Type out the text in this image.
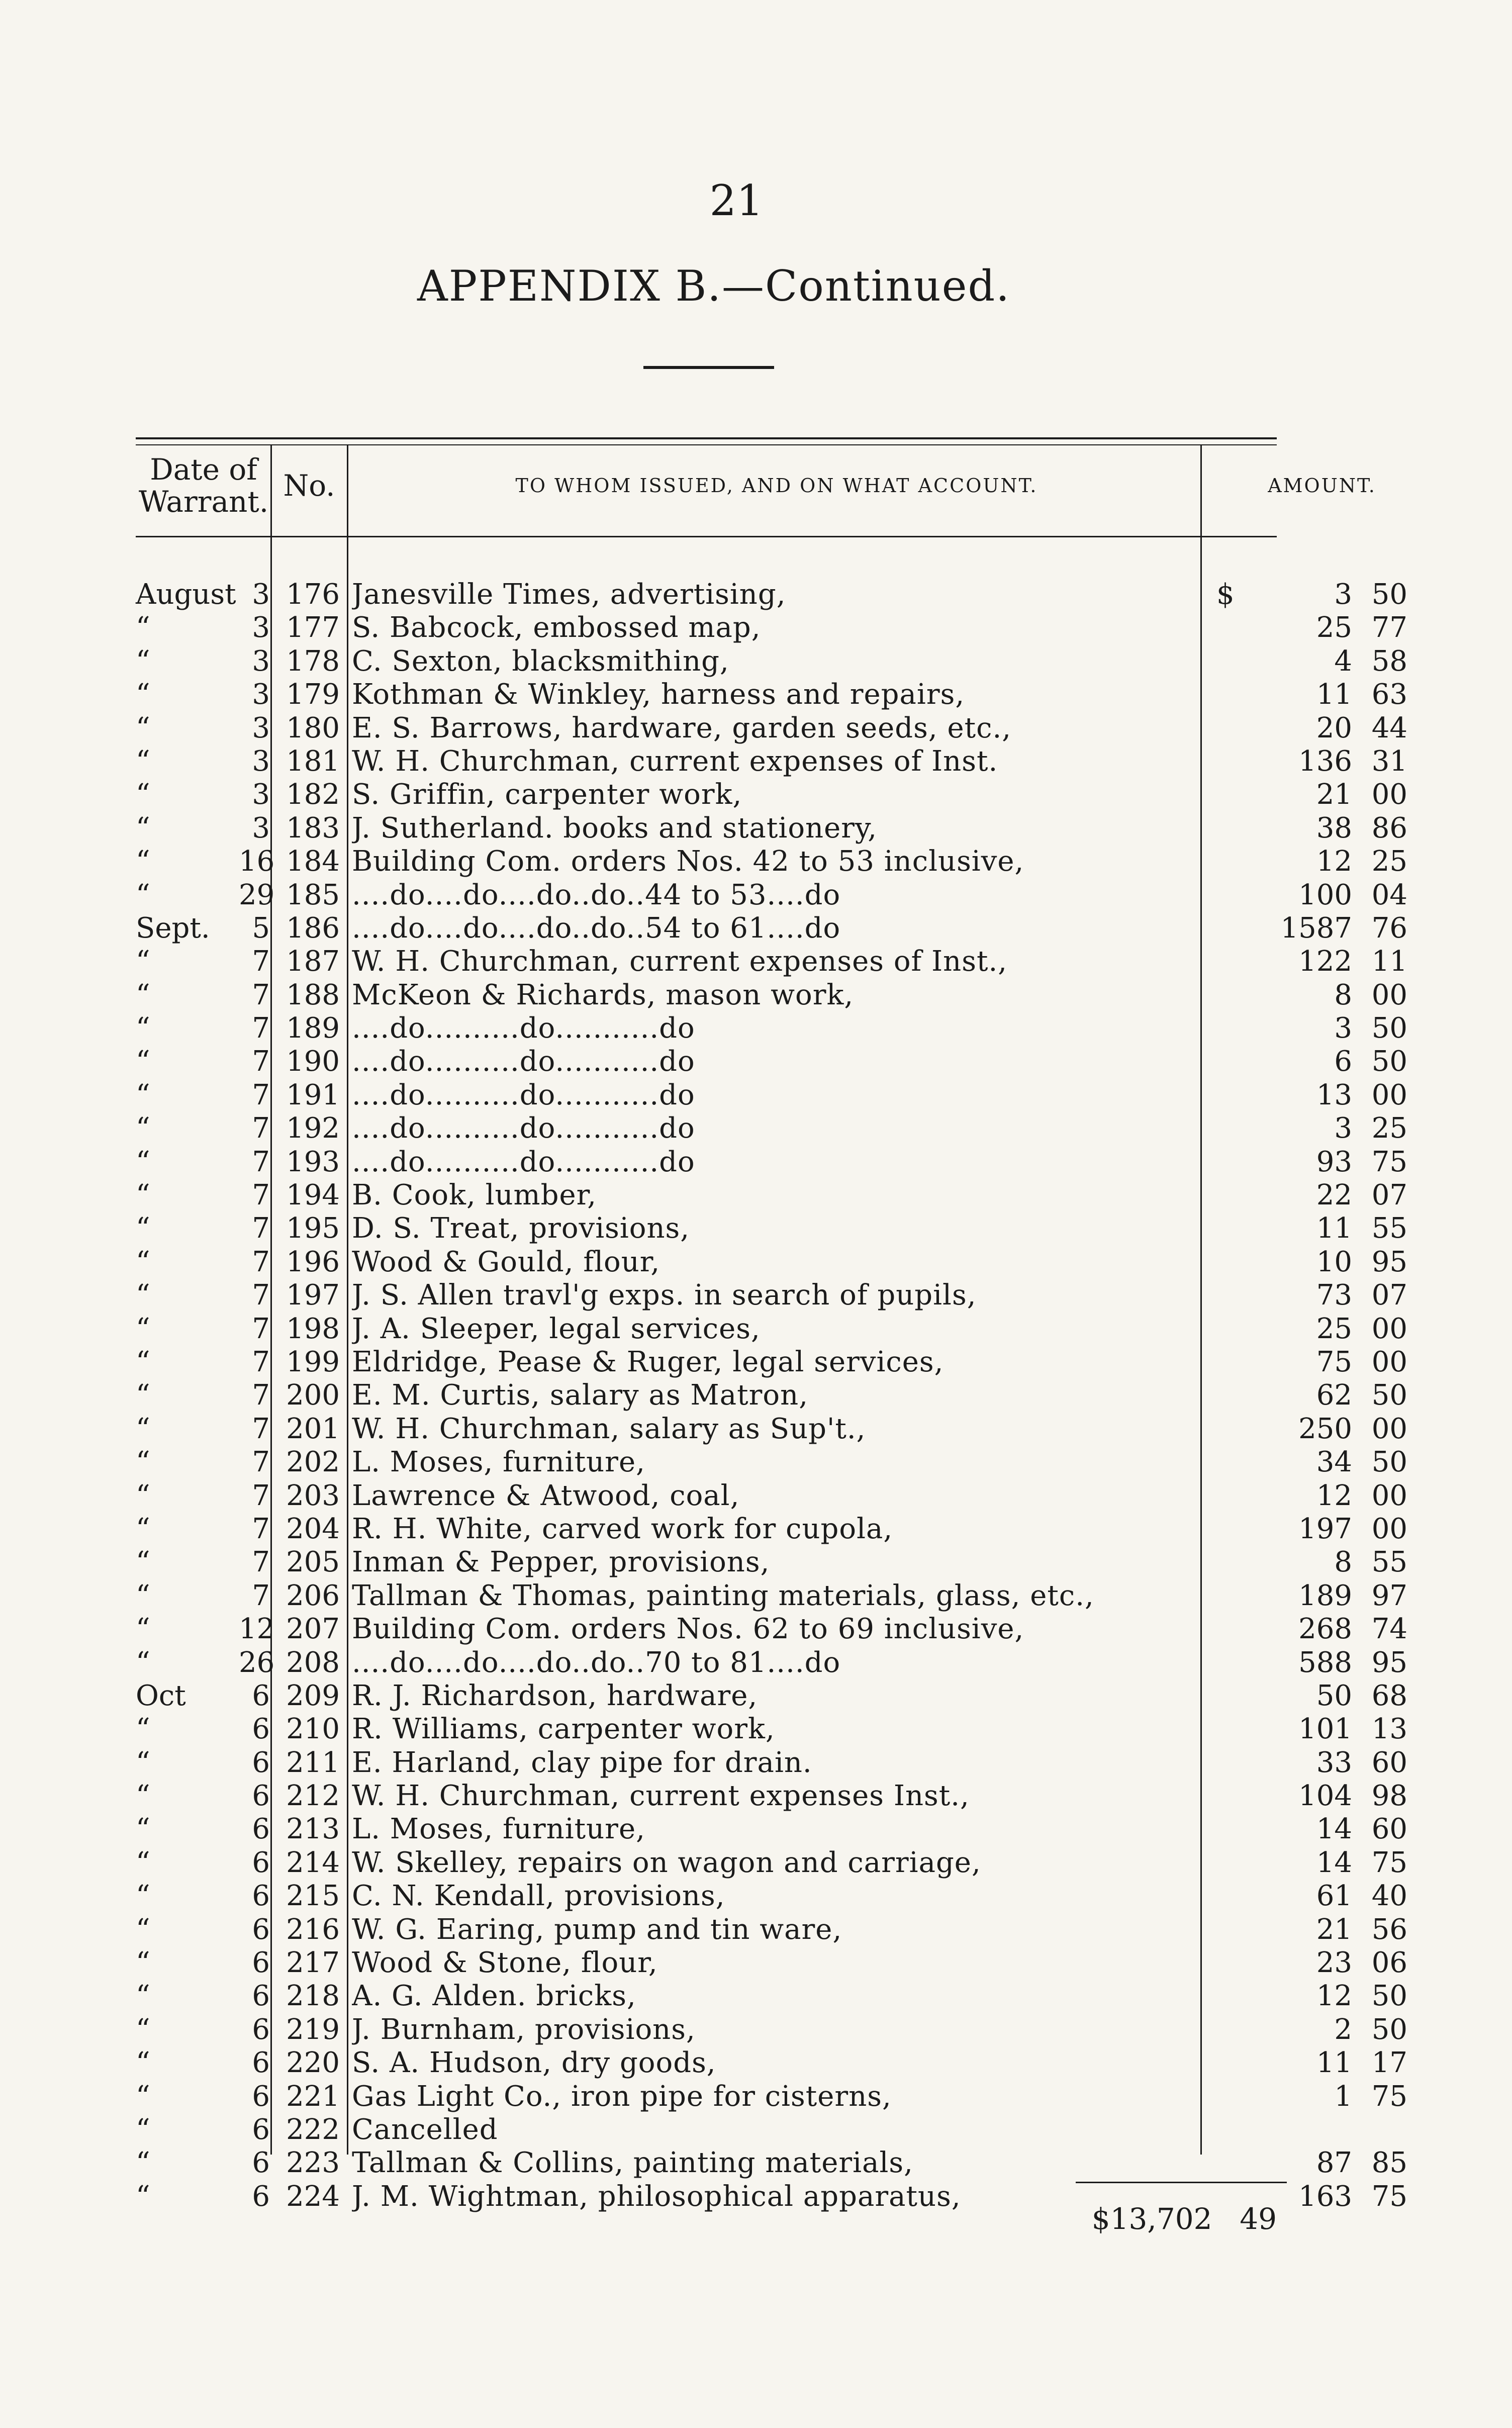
21
APPENDIX B.—Continued.
Date of
Warrant. No.	TO WHOM ISSUED, AND ON WHAT ACCOUNT.	AMOUNT.
August 3 176 Janesville Times, advertising,	$	3 50
“	3 177 S. Babcock, embossed map,	25 77
“	3 178 C. Sexton, blacksmithing,	4 58
“	3 179 Kothman & Winkley, harness and repairs,	11 63
“	3 180 E. S. Barrows, hardware, garden seeds, etc.,	20 44
“	3 181 W. H. Churchman, current expenses of Inst.	136 31
“	3 182 S. Griffin, carpenter work,	21 00
“	3 183 J. Sutherland. books and stationery,	38 86
“	16 184 Building Com. orders Nos. 42 to 53 inclusive,	12 25
“	29 185 ....do....do....do..do..44 to 53....do	100 04
Sept.	5 186 ....do....do....do..do..54 to 61....do	1587 76
“	7 187 W. H. Churchman, current expenses of Inst.,	122 11
“	7 188 McKeon & Richards, mason work,	8 00
“	7 189 ....do..........do...........do	3 50
“	7 190 ....do..........do...........do	6 50
“	7 191 ....do..........do...........do	13 00
“	7 192 ....do..........do...........do	3 25
“	7 193 ....do..........do...........do	93 75
“	7 194 B. Cook, lumber,	22 07
“	7 195 D. S. Treat, provisions,	11 55
“	7 196 Wood & Gould, flour,	10 95
“	7 197 J. S. Allen travl'g exps. in search of pupils,	73 07
“	7 198 J. A. Sleeper, legal services,	25 00
“	7 199 Eldridge, Pease & Ruger, legal services,	75 00
“	7 200 E. M. Curtis, salary as Matron,	62 50
“	7 201 W. H. Churchman, salary as Sup't.,	250 00
“	7 202 L. Moses, furniture,	34 50
“	7 203 Lawrence & Atwood, coal,	12 00
“	7 204 R. H. White, carved work for cupola,	197 00
“	7 205 Inman & Pepper, provisions,	8 55
“	7 206 Tallman & Thomas, painting materials, glass, etc.,	189 97
“	12 207 Building Com. orders Nos. 62 to 69 inclusive,	268 74
“	26 208 ....do....do....do..do..70 to 81....do	588 95
Oct	6 209 R. J. Richardson, hardware,	50 68
“	6 210 R. Williams, carpenter work,	101 13
“	6 211 E. Harland, clay pipe for drain.	33 60
“	6 212 W. H. Churchman, current expenses Inst.,	104 98
“	6 213 L. Moses, furniture,	14 60
“	6 214 W. Skelley, repairs on wagon and carriage,	14 75
“	6 215 C. N. Kendall, provisions,	61 40
“	6 216 W. G. Earing, pump and tin ware,	21 56
“	6 217 Wood & Stone, flour,	23 06
“	6 218 A. G. Alden. bricks,	12 50
“	6 219 J. Burnham, provisions,	2 50
“	6 220 S. A. Hudson, dry goods,	11 17
“	6 221 Gas Light Co., iron pipe for cisterns,	1 75
“	6 222 Cancelled
“	6 223 Tallman & Collins, painting materials,	87 85
“	6 224 J. M. Wightman, philosophical apparatus,	163 75
$13,702 49
